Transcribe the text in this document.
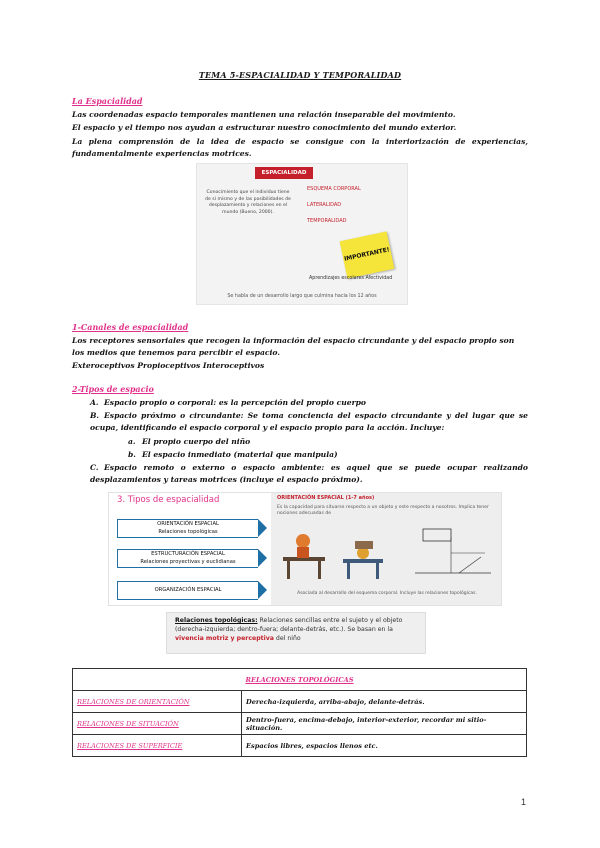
TEMA 5-ESPACIALIDAD Y TEMPORALIDAD
La Espacialidad
Las coordenadas espacio temporales mantienen una relación inseparable del movimiento.
El espacio y el tiempo nos ayudan a estructurar nuestro conocimiento del mundo exterior.
La plena comprensión de la idea de espacio se consigue con la interiorización de experiencias, fundamentalmente experiencias motrices.
ESPACIALIDAD
Conocimiento que el individuo tiene de sí mismo y de las posibilidades de desplazamiento y relaciones en el mundo (Bueno, 2000).
ESQUEMA CORPORAL
LATERALIDAD
TEMPORALIDAD
IMPORTANTE!
Aprendizajes escolares Afectividad
Se habla de un desarrollo largo que culmina hacia los 12 años
1-Canales de espacialidad
Los receptores sensoriales que recogen la información del espacio circundante y del espacio propio son los medios que tenemos para percibir el espacio.
Exteroceptivos Propioceptivos Interoceptivos
2-Tipos de espacio
A. Espacio propio o corporal: es la percepción del propio cuerpo
B. Espacio próximo o circundante: Se toma conciencia del espacio circundante y del lugar que se ocupa, identificando el espacio corporal y el espacio propio para la acción. Incluye:
a. El propio cuerpo del niño
b. El espacio inmediato (material que manipula)
C. Espacio remoto o externo o espacio ambiente: es aquel que se puede ocupar realizando desplazamientos y tareas motrices (incluye el espacio próximo).
3. Tipos de espacialidad
ORIENTACIÓN ESPACIAL
Relaciones topológicas
ESTRUCTURACIÓN ESPACIAL
Relaciones proyectivas y euclidianas
ORGANIZACIÓN ESPACIAL
ORIENTACIÓN ESPACIAL (1-7 años)
Es la capacidad para situarse respecto a un objeto y este respecto a nosotros. Implica tener nociones adecuadas de
Asociada al desarrollo del esquema corporal. Incluye las relaciones topológicas.
Relaciones topológicas: Relaciones sencillas entre el sujeto y el objeto (derecha-izquierda; dentro-fuera; delante-detrás, etc.). Se basan en la vivencia motriz y perceptiva del niño
RELACIONES TOPOLÓGICAS	
RELACIONES DE ORIENTACIÓN	Derecha-izquierda, arriba-abajo, delante-detrás.
RELACIONES DE SITUACIÓN	Dentro-fuera, encima-debajo, interior-exterior, recordar mi sitio-situación.
RELACIONES DE SUPERFICIE	Espacios libres, espacios llenos etc.
1
